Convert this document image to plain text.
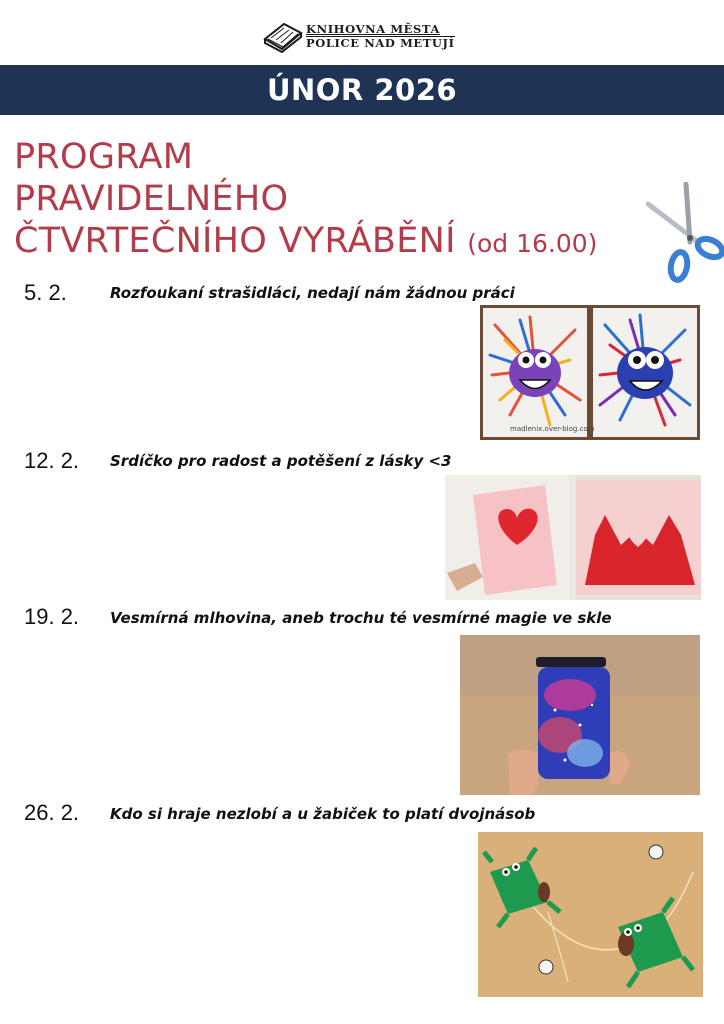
KNIHOVNA MĚSTA
POLICE NAD METUJÍ
ÚNOR 2026
PROGRAM
PRAVIDELNÉHO
ČTVRTEČNÍHO VYRÁBĚNÍ (od 16.00)
5. 2.	Rozfoukaní strašidláci, nedají nám žádnou práci
madlenix.over-blog.com
12. 2. Srdíčko pro radost a potěšení z lásky <3
19. 2. Vesmírná mlhovina, aneb trochu té vesmírné magie ve skle
26. 2. Kdo si hraje nezlobí a u žabiček to platí dvojnásob
